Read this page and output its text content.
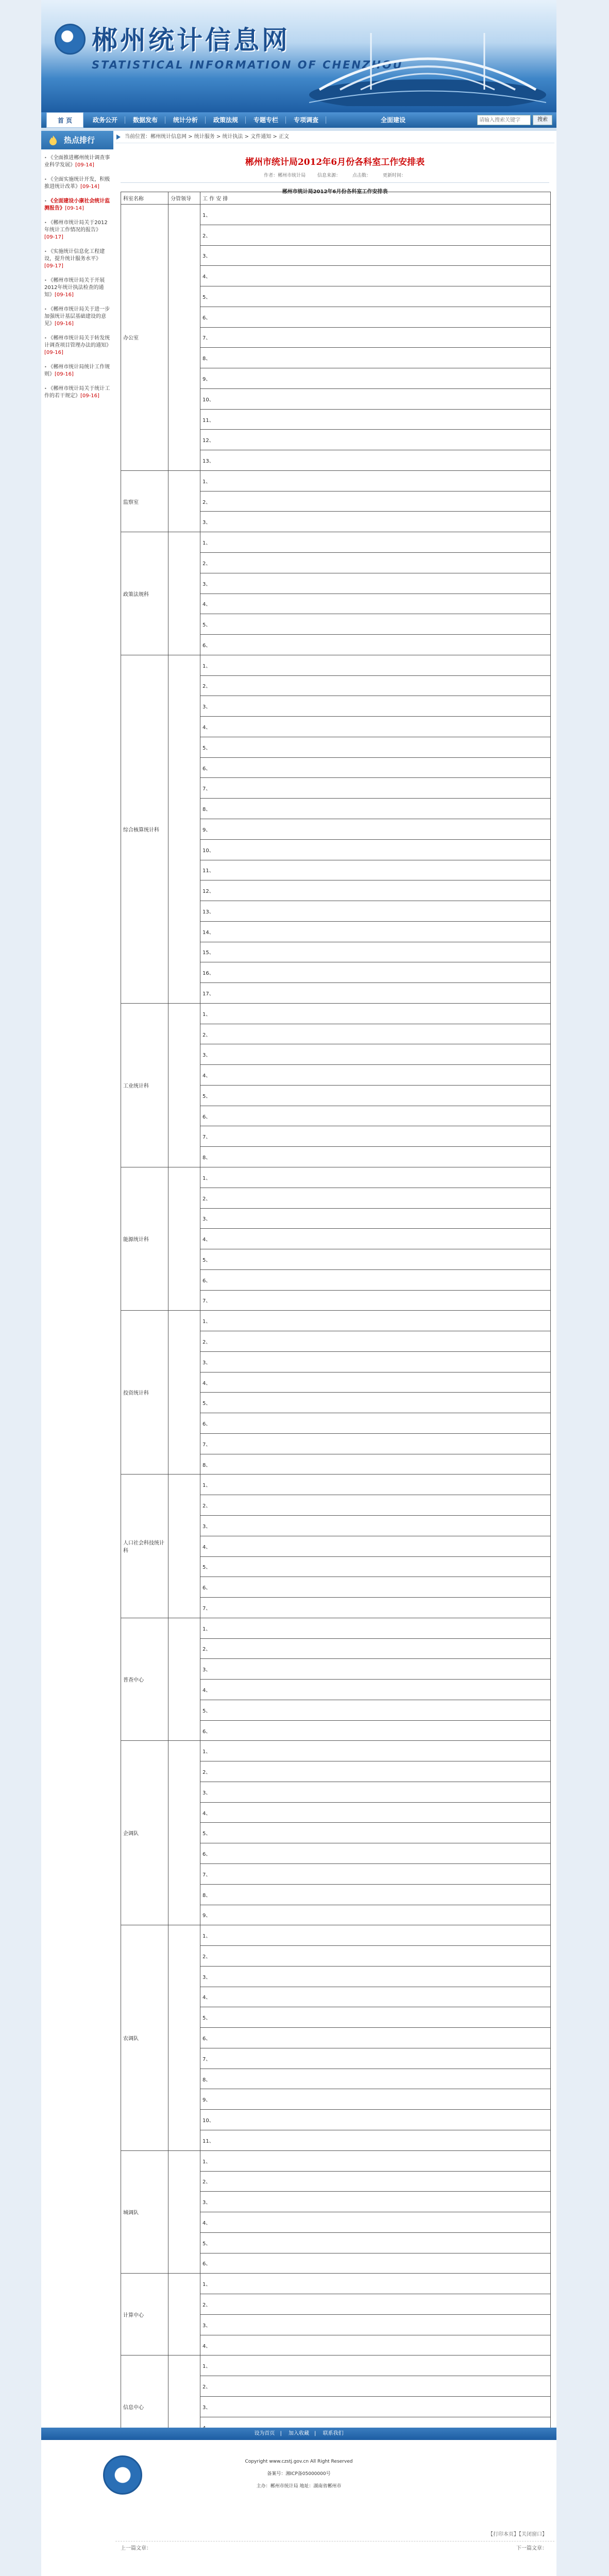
郴州统计信息网
STATISTICAL INFORMATION OF CHENZHOU
首 页	政务公开	数据发布	统计分析	政策法规	专题专栏	专项调查	全面建设
请输入搜索关键字	搜索
热点排行
• 《全面推进郴州统计调查事业科学发展》[09-14]
• 《全面实施统计开发，积极推进统计改革》[09-14]
• 《全面建设小康社会统计监测报告》[09-14]
• 《郴州市统计局关于2012年统计工作情况的报告》[09-17]
• 《实施统计信息化工程建设，提升统计服务水平》[09-17]
• 《郴州市统计局关于开展2012年统计执法检查的通知》[09-16]
• 《郴州市统计局关于进一步加强统计基层基础建设的意见》[09-16]
• 《郴州市统计局关于转发统计调查项目管理办法的通知》[09-16]
• 《郴州市统计局统计工作规则》[09-16]
• 《郴州市统计局关于统计工作的若干规定》[09-16]
当前位置：郴州统计信息网 > 统计服务 > 统计执法 > 文件通知 > 正文
郴州市统计局2012年6月份各科室工作安排表
作者：郴州市统计局	信息来源：	点击数：	更新时间：
郴州市统计局2012年6月份各科室工作安排表
科室名称	分管领导	工 作 安 排
办公室		1、
		2、
		3、
		4、
		5、
		6、
		7、
		8、
		9、
		10、
		11、
		12、
		13、
监察室		1、
		2、
		3、
政策法规科		1、
		2、
		3、
		4、
		5、
		6、
综合核算统计科		1、
		2、
		3、
		4、
		5、
		6、
		7、
		8、
		9、
		10、
		11、
		12、
		13、
		14、
		15、
		16、
		17、
工业统计科		1、
		2、
		3、
		4、
		5、
		6、
		7、
		8、
能源统计科		1、
		2、
		3、
		4、
		5、
		6、
		7、
投资统计科		1、
		2、
		3、
		4、
		5、
		6、
		7、
		8、
人口社会科技统计科		1、
		2、
		3、
		4、
		5、
		6、
		7、
普查中心		1、
		2、
		3、
		4、
		5、
		6、
企调队		1、
		2、
		3、
		4、
		5、
		6、
		7、
		8、
		9、
农调队		1、
		2、
		3、
		4、
		5、
		6、
		7、
		8、
		9、
		10、
		11、
城调队		1、
		2、
		3、
		4、
		5、
		6、
计算中心		1、
		2、
		3、
		4、
信息中心		1、
		2、
		3、

【打印本页】【关闭窗口】
上一篇文章：	下一篇文章：
设为首页 | 加入收藏 | 联系我们
Copyright www.czstj.gov.cn All Right Reserved
备案号：湘ICP备05000000号
主办：郴州市统计局 地址：湖南省郴州市
